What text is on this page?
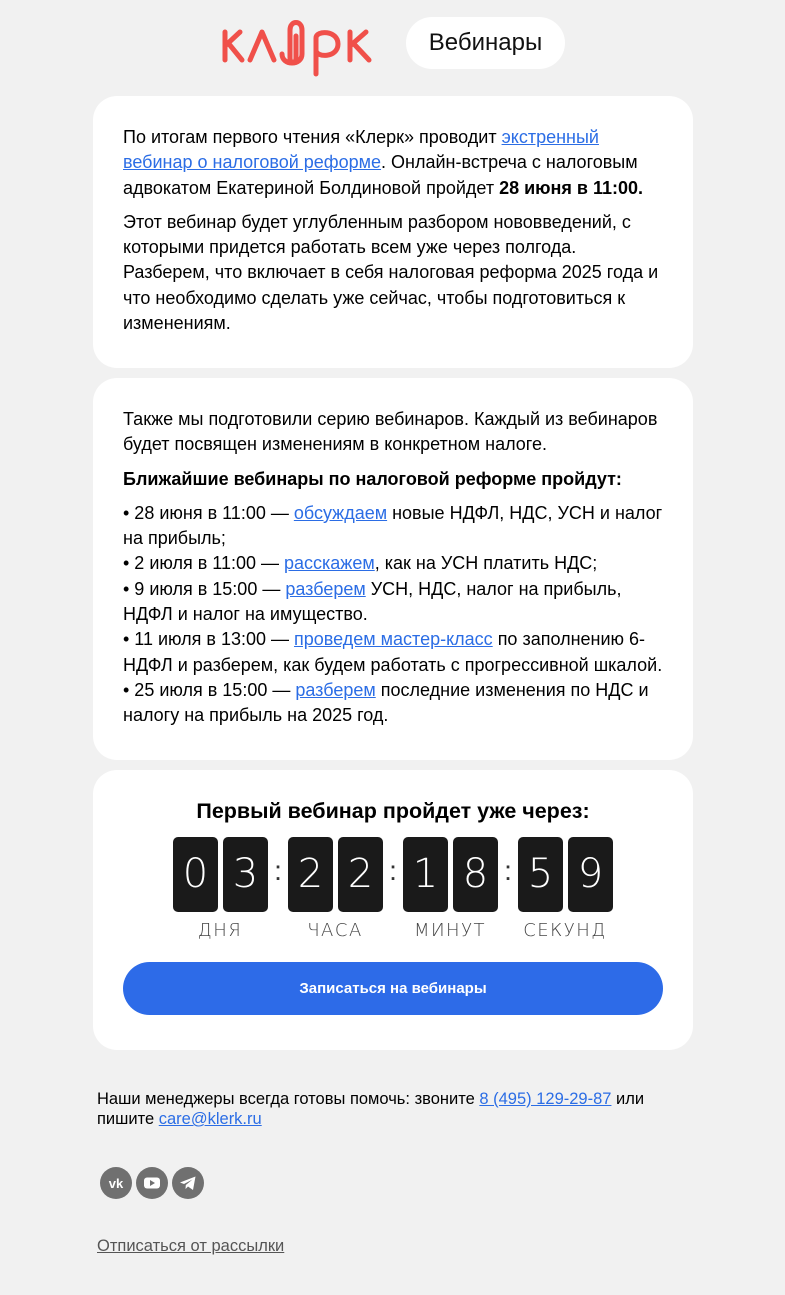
Вебинары

По итогам первого чтения «Клерк» проводит экстренный вебинар о налоговой реформе. Онлайн-встреча с налоговым адвокатом Екатериной Болдиновой пройдет 28 июня в 11:00.

Этот вебинар будет углубленным разбором нововведений, с которыми придется работать всем уже через полгода. Разберем, что включает в себя налоговая реформа 2025 года и что необходимо сделать уже сейчас, чтобы подготовиться к изменениям.

Также мы подготовили серию вебинаров. Каждый из вебинаров будет посвящен изменениям в конкретном налоге.

Ближайшие вебинары по налоговой реформе пройдут:

• 28 июня в 11:00 — обсуждаем новые НДФЛ, НДС, УСН и налог на прибыль;
• 2 июля в 11:00 — расскажем, как на УСН платить НДС;
• 9 июля в 15:00 — разберем УСН, НДС, налог на прибыль, НДФЛ и налог на имущество.
• 11 июля в 13:00 — проведем мастер-класс по заполнению 6-НДФЛ и разберем, как будем работать с прогрессивной шкалой.
• 25 июля в 15:00 — разберем последние изменения по НДС и налогу на прибыль на 2025 год.

Первый вебинар пройдет уже через:
0 3 : 2 2 : 1 8 : 5 9
ДНЯ	ЧАСА	МИНУТ	СЕКУНД
Записаться на вебинары
Наши менеджеры всегда готовы помочь: звоните 8 (495) 129-29-87 или пишите care@klerk.ru
vk
Отписаться от рассылки
